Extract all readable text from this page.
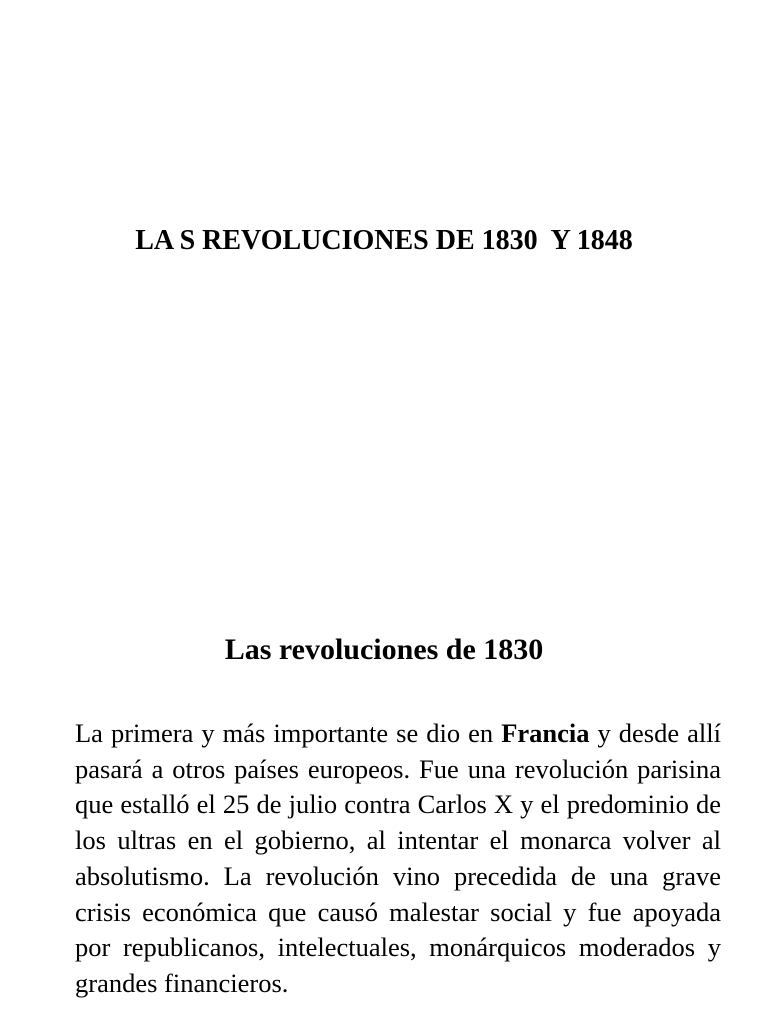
LA S REVOLUCIONES DE 1830  Y 1848
Las revoluciones de 1830

La primera y más importante se dio en Francia y desde allí pasará a otros países europeos. Fue una revolución parisina que estalló el 25 de julio contra Carlos X y el predominio de los ultras en el gobierno, al intentar el monarca volver al absolutismo. La revolución vino precedida de una grave crisis económica que causó malestar social y fue apoyada por republicanos, intelectuales, monárquicos moderados y grandes financieros.
